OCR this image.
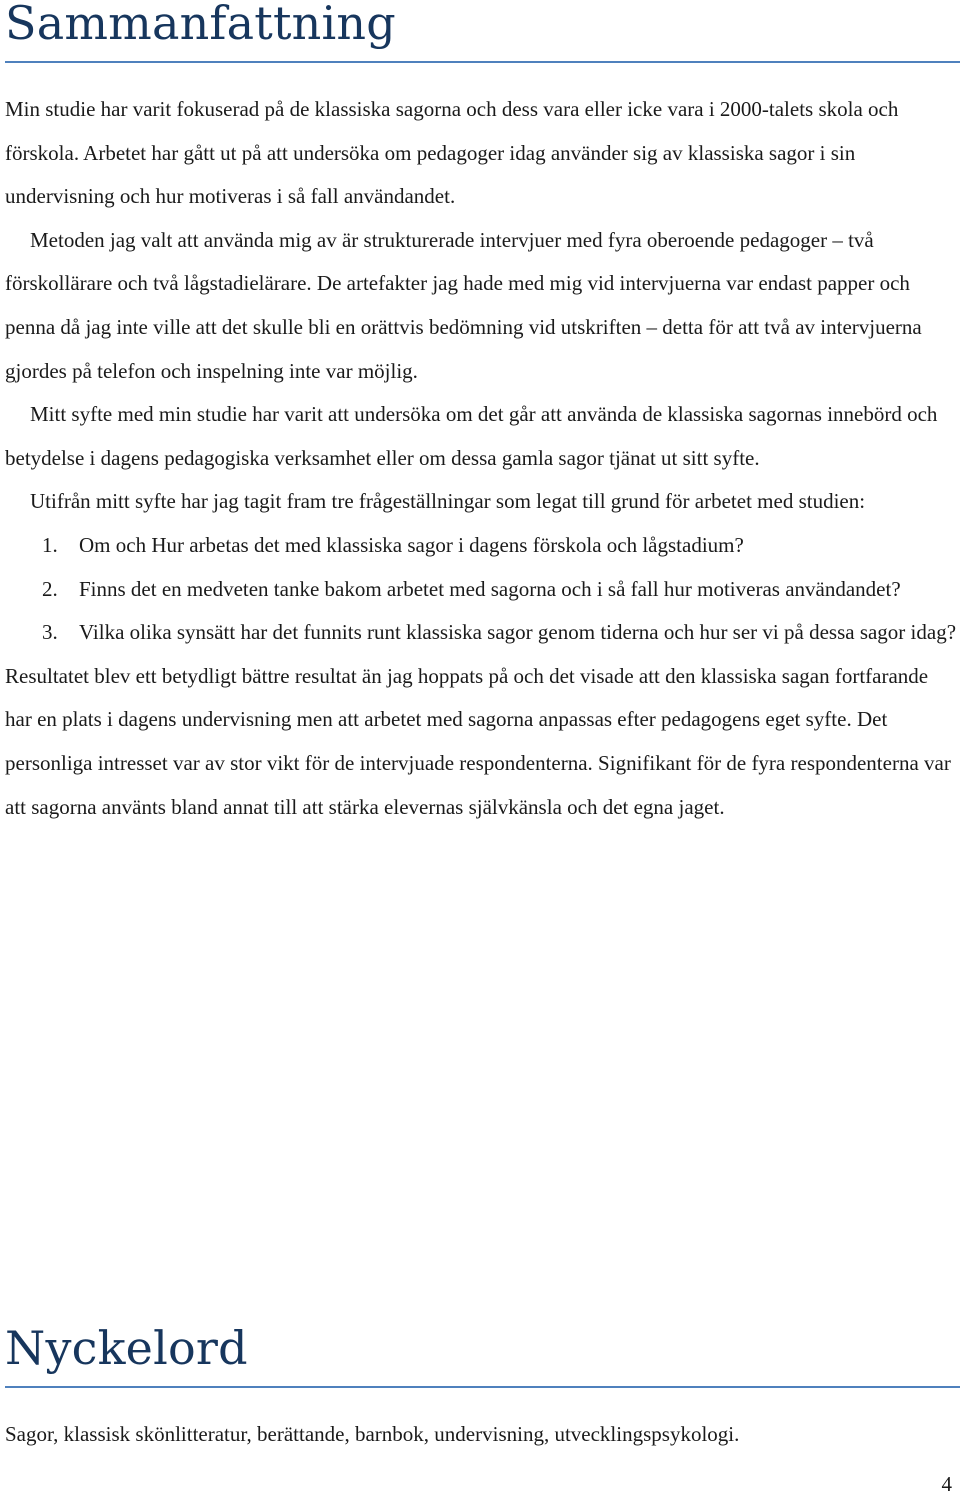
Sammanfattning

Min studie har varit fokuserad på de klassiska sagorna och dess vara eller icke vara i 2000-talets skola och förskola. Arbetet har gått ut på att undersöka om pedagoger idag använder sig av klassiska sagor i sin undervisning och hur motiveras i så fall användandet.

Metoden jag valt att använda mig av är strukturerade intervjuer med fyra oberoende pedagoger – två förskollärare och två lågstadielärare. De artefakter jag hade med mig vid intervjuerna var endast papper och penna då jag inte ville att det skulle bli en orättvis bedömning vid utskriften – detta för att två av intervjuerna gjordes på telefon och inspelning inte var möjlig.

Mitt syfte med min studie har varit att undersöka om det går att använda de klassiska sagornas innebörd och betydelse i dagens pedagogiska verksamhet eller om dessa gamla sagor tjänat ut sitt syfte.

Utifrån mitt syfte har jag tagit fram tre frågeställningar som legat till grund för arbetet med studien:

1. Om och Hur arbetas det med klassiska sagor i dagens förskola och lågstadium?
2. Finns det en medveten tanke bakom arbetet med sagorna och i så fall hur motiveras användandet?
3. Vilka olika synsätt har det funnits runt klassiska sagor genom tiderna och hur ser vi på dessa sagor idag?

Resultatet blev ett betydligt bättre resultat än jag hoppats på och det visade att den klassiska sagan fortfarande har en plats i dagens undervisning men att arbetet med sagorna anpassas efter pedagogens eget syfte. Det personliga intresset var av stor vikt för de intervjuade respondenterna. Signifikant för de fyra respondenterna var att sagorna använts bland annat till att stärka elevernas självkänsla och det egna jaget.

Nyckelord

Sagor, klassisk skönlitteratur, berättande, barnbok, undervisning, utvecklingspsykologi.

4
